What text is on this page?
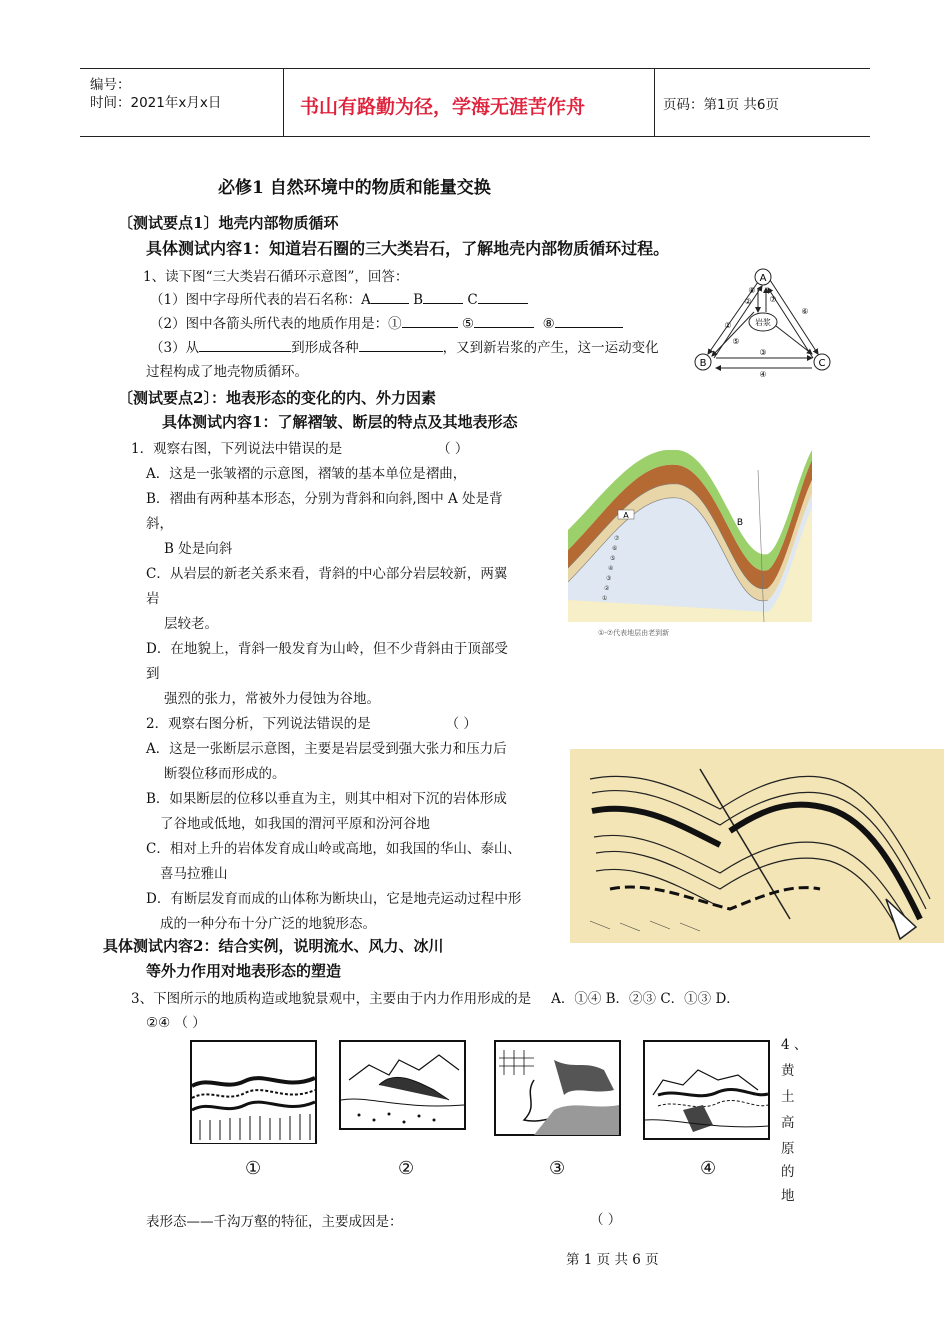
编号：
时间：2021年x月x日	书山有路勤为径，学海无涯苦作舟	页码：第1页 共6页
必修1 自然环境中的物质和能量交换
〔测试要点1〕地壳内部物质循环
具体测试内容1：知道岩石圈的三大类岩石，了解地壳内部物质循环过程。
1、读下图“三大类岩石循环示意图”，回答：
（1）图中字母所代表的岩石名称：A	B	C
（2）图中各箭头所代表的地质作用是：①	⑤	⑧
（3）从	到形成各种	，又到新岩浆的产生，这一运动变化
过程构成了地壳物质循环。
A
B	C
岩浆
①
②
③
④
⑤
⑥
⑦
⑧
〔测试要点2〕：地表形态的变化的内、外力因素
具体测试内容1：了解褶皱、断层的特点及其地表形态
1．观察右图，下列说法中错误的是	（ ）
A．这是一张皱褶的示意图，褶皱的基本单位是褶曲，
B．褶曲有两种基本形态，分别为背斜和向斜,图中 A 处是背
斜，
B 处是向斜
C．从岩层的新老关系来看，背斜的中心部分岩层较新，两翼
岩
层较老。
D．在地貌上，背斜一般发育为山岭，但不少背斜由于顶部受
到
强烈的张力，常被外力侵蚀为谷地。
A
B
⑦
⑥
⑤
④
③
②
①
①-⑦代表地层由老到新
2．观察右图分析，下列说法错误的是	（ ）
A．这是一张断层示意图，主要是岩层受到强大张力和压力后
断裂位移而形成的。
B．如果断层的位移以垂直为主，则其中相对下沉的岩体形成
了谷地或低地，如我国的渭河平原和汾河谷地
C．相对上升的岩体发育成山岭或高地，如我国的华山、泰山、
喜马拉雅山
D．有断层发育而成的山体称为断块山，它是地壳运动过程中形
成的一种分布十分广泛的地貌形态。
具体测试内容2：结合实例，说明流水、风力、冰川
等外力作用对地表形态的塑造
3、下图所示的地质构造或地貌景观中，主要由于内力作用形成的是 A．①④ B．②③ C．①③ D．
②④ （ ）
①	②	③	④
4 、
黄
土
高
原
的
地
表形态——千沟万壑的特征，主要成因是：	（ ）
第 1 页 共 6 页
